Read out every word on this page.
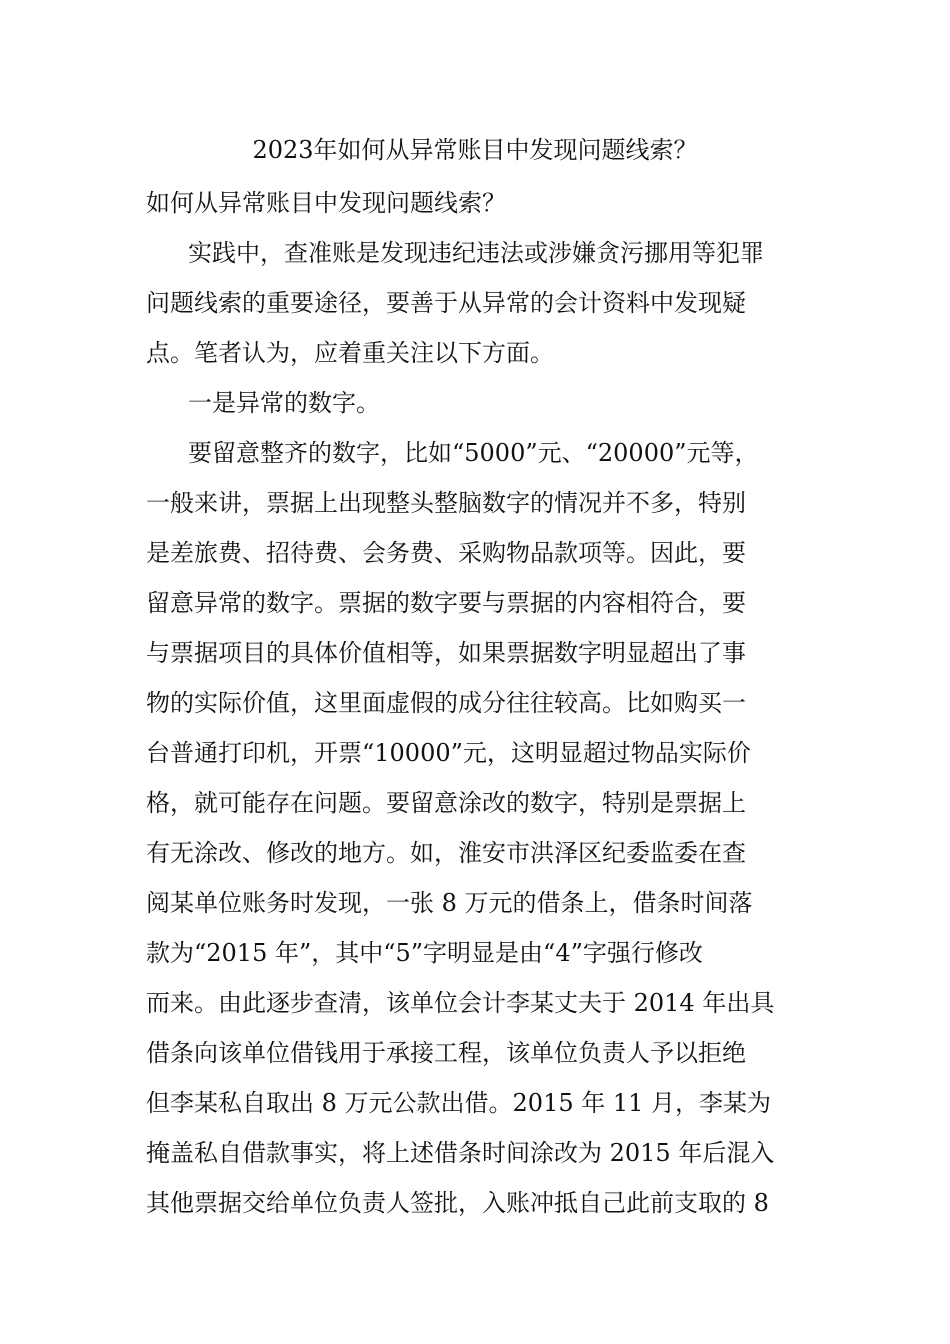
2023年如何从异常账目中发现问题线索？

如何从异常账目中发现问题线索？

实践中，查准账是发现违纪违法或涉嫌贪污挪用等犯罪

问题线索的重要途径，要善于从异常的会计资料中发现疑

点。笔者认为，应着重关注以下方面。

一是异常的数字。

要留意整齐的数字，比如“5000”元、“20000”元等，

一般来讲，票据上出现整头整脑数字的情况并不多，特别

是差旅费、招待费、会务费、采购物品款项等。因此，要

留意异常的数字。票据的数字要与票据的内容相符合，要

与票据项目的具体价值相等，如果票据数字明显超出了事

物的实际价值，这里面虚假的成分往往较高。比如购买一

台普通打印机，开票“10000”元，这明显超过物品实际价

格，就可能存在问题。要留意涂改的数字，特别是票据上

有无涂改、修改的地方。如，淮安市洪泽区纪委监委在查

阅某单位账务时发现，一张 8 万元的借条上，借条时间落

款为“2015 年”，其中“5”字明显是由“4”字强行修改

而来。由此逐步查清，该单位会计李某丈夫于 2014 年出具

借条向该单位借钱用于承接工程，该单位负责人予以拒绝

但李某私自取出 8 万元公款出借。2015 年 11 月，李某为

掩盖私自借款事实，将上述借条时间涂改为 2015 年后混入

其他票据交给单位负责人签批，入账冲抵自己此前支取的 8
